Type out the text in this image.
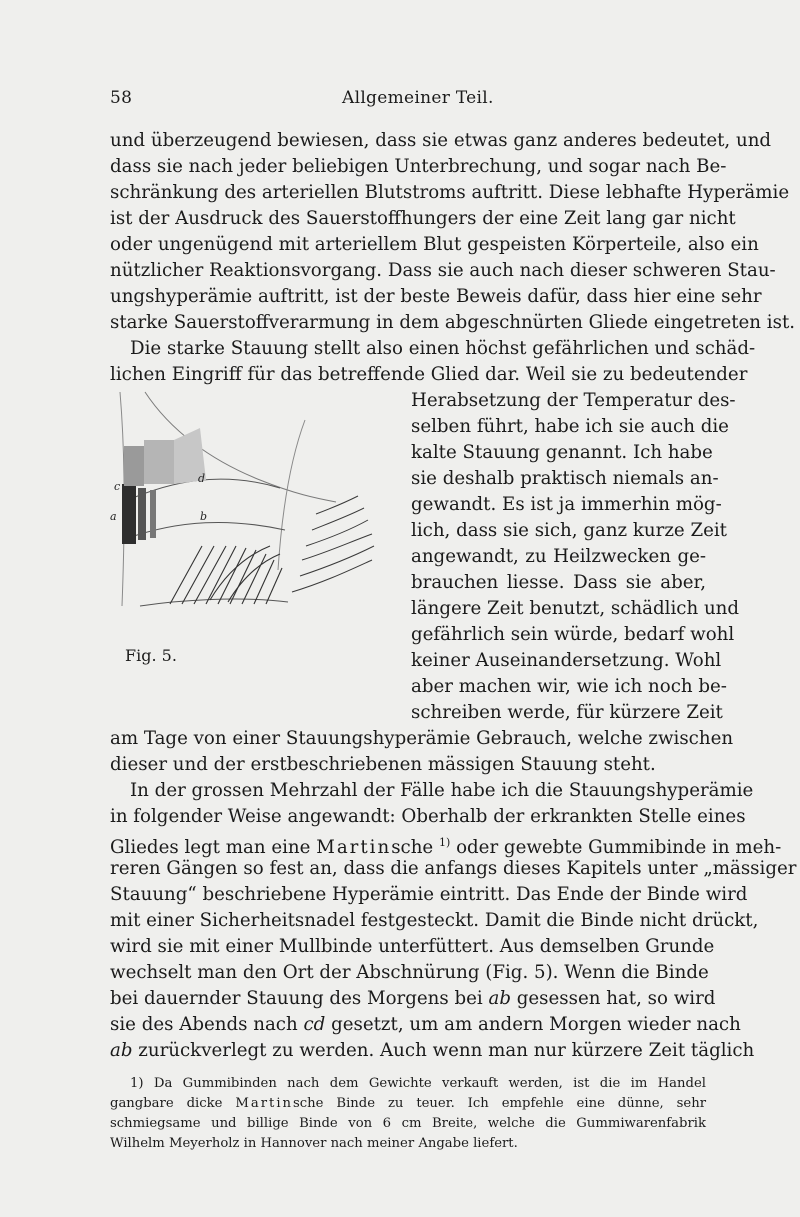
58	Allgemeiner Teil.
und überzeugend bewiesen, dass sie etwas ganz anderes bedeutet, und
dass sie nach jeder beliebigen Unterbrechung, und sogar nach Be-
schränkung des arteriellen Blutstroms auftritt. Diese lebhafte Hyperämie
ist der Ausdruck des Sauerstoffhungers der eine Zeit lang gar nicht
oder ungenügend mit arteriellem Blut gespeisten Körperteile, also ein
nützlicher Reaktionsvorgang. Dass sie auch nach dieser schweren Stau-
ungshyperämie auftritt, ist der beste Beweis dafür, dass hier eine sehr
starke Sauerstoffverarmung in dem abgeschnürten Gliede eingetreten ist.
Die starke Stauung stellt also einen höchst gefährlichen und schäd-
lichen Eingriff für das betreffende Glied dar. Weil sie zu bedeutender
c
a
d
b
Fig. 5.
Herabsetzung der Temperatur des-
selben führt, habe ich sie auch die
kalte Stauung genannt. Ich habe
sie deshalb praktisch niemals an-
gewandt. Es ist ja immerhin mög-
lich, dass sie sich, ganz kurze Zeit
angewandt, zu Heilzwecken ge-
brauchen liesse. Dass sie aber,
längere Zeit benutzt, schädlich und
gefährlich sein würde, bedarf wohl
keiner Auseinandersetzung. Wohl
aber machen wir, wie ich noch be-
schreiben werde, für kürzere Zeit
am Tage von einer Stauungshyperämie Gebrauch, welche zwischen
dieser und der erstbeschriebenen mässigen Stauung steht.
In der grossen Mehrzahl der Fälle habe ich die Stauungshyperämie
in folgender Weise angewandt: Oberhalb der erkrankten Stelle eines
Gliedes legt man eine Martinsche $^{1)}$ oder gewebte Gummibinde in meh-
reren Gängen so fest an, dass die anfangs dieses Kapitels unter „mässiger
Stauung“ beschriebene Hyperämie eintritt. Das Ende der Binde wird
mit einer Sicherheitsnadel festgesteckt. Damit die Binde nicht drückt,
wird sie mit einer Mullbinde unterfüttert. Aus demselben Grunde
wechselt man den Ort der Abschnürung (Fig. 5). Wenn die Binde
bei dauernder Stauung des Morgens bei ab gesessen hat, so wird
sie des Abends nach cd gesetzt, um am andern Morgen wieder nach
ab zurückverlegt zu werden. Auch wenn man nur kürzere Zeit täglich
1) Da Gummibinden nach dem Gewichte verkauft werden, ist die im Handel
gangbare dicke Martinsche Binde zu teuer. Ich empfehle eine dünne, sehr
schmiegsame und billige Binde von 6 cm Breite, welche die Gummiwarenfabrik
Wilhelm Meyerholz in Hannover nach meiner Angabe liefert.
